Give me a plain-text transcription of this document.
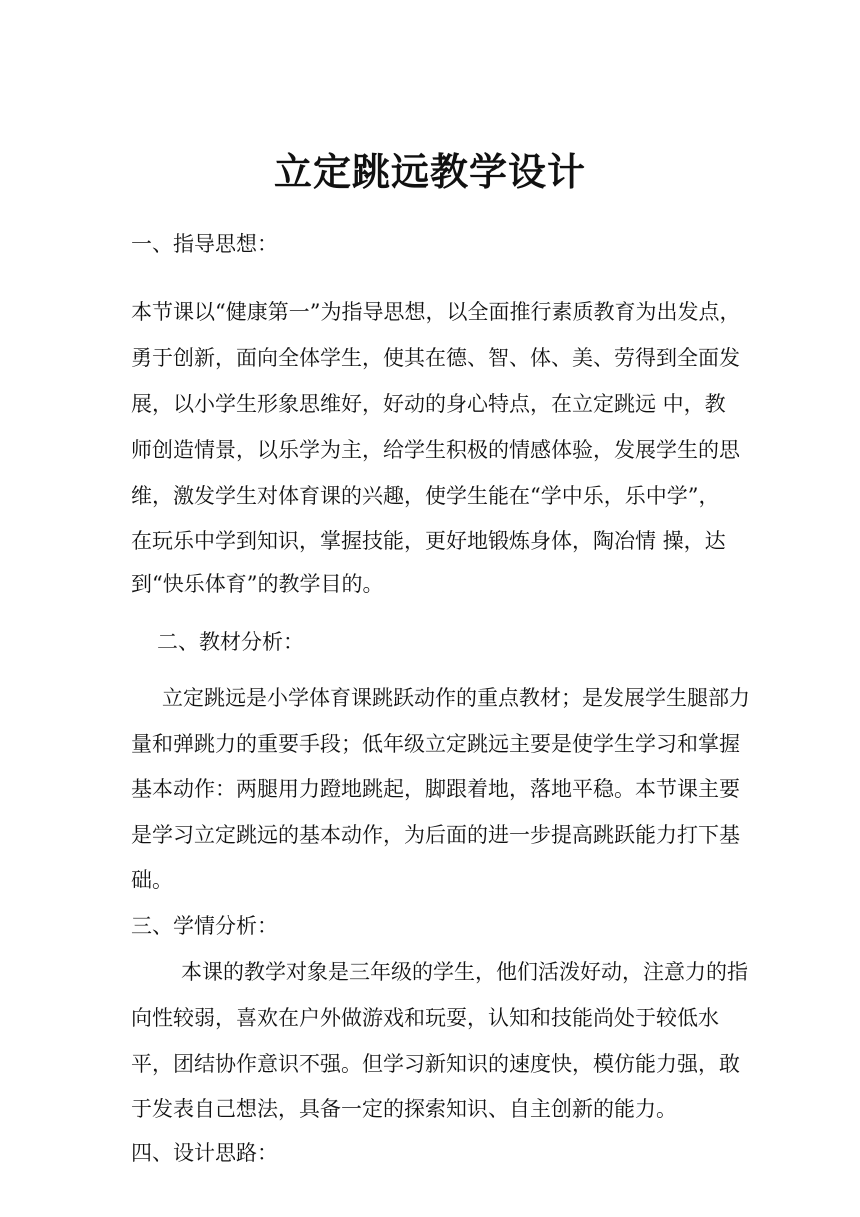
立定跳远教学设计
一、指导思想：
本节课以“健康第一”为指导思想，以全面推行素质教育为出发点，
勇于创新，面向全体学生，使其在德、智、体、美、劳得到全面发
展，以小学生形象思维好，好动的身心特点，在立定跳远 中，教
师创造情景，以乐学为主，给学生积极的情感体验，发展学生的思
维，激发学生对体育课的兴趣，使学生能在“学中乐，乐中学”，
在玩乐中学到知识，掌握技能，更好地锻炼身体，陶冶情 操，达
到“快乐体育”的教学目的。
二、教材分析：
立定跳远是小学体育课跳跃动作的重点教材；是发展学生腿部力
量和弹跳力的重要手段；低年级立定跳远主要是使学生学习和掌握
基本动作：两腿用力蹬地跳起，脚跟着地，落地平稳。本节课主要
是学习立定跳远的基本动作，为后面的进一步提高跳跃能力打下基
础。
三、学情分析：
本课的教学对象是三年级的学生，他们活泼好动，注意力的指
向性较弱，喜欢在户外做游戏和玩耍，认知和技能尚处于较低水
平，团结协作意识不强。但学习新知识的速度快，模仿能力强，敢
于发表自己想法，具备一定的探索知识、自主创新的能力。
四、设计思路：
